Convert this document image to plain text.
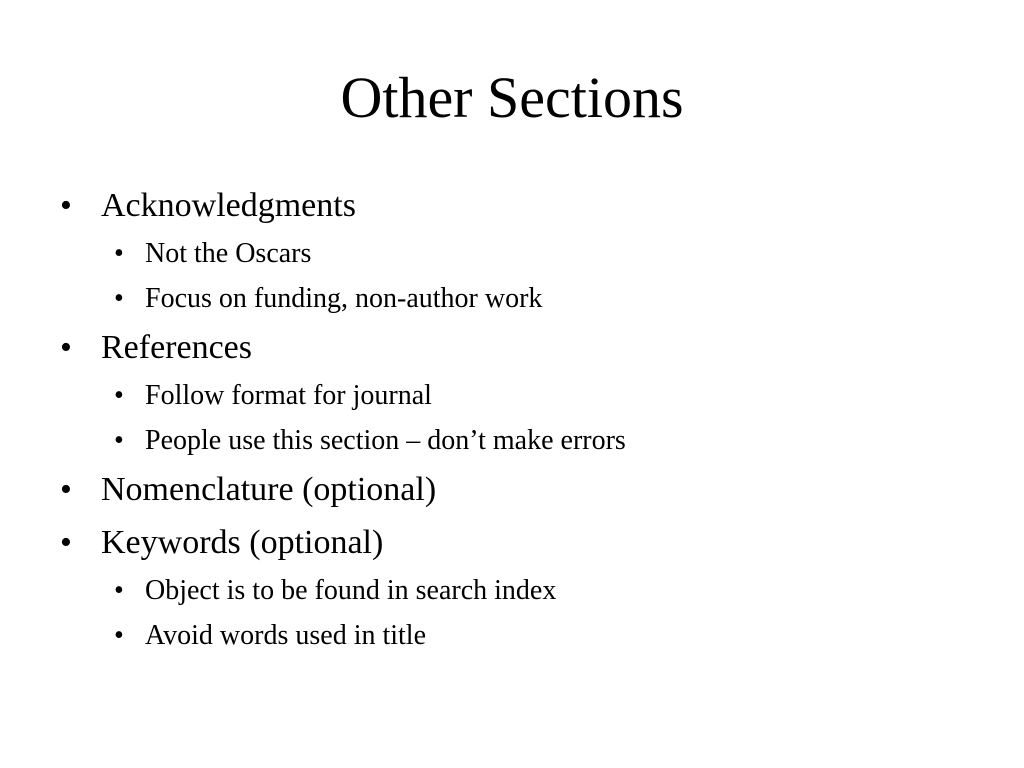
Other Sections
• Acknowledgments
• Not the Oscars
• Focus on funding, non-author work
• References
• Follow format for journal
• People use this section – don’t make errors
• Nomenclature (optional)
• Keywords (optional)
• Object is to be found in search index
• Avoid words used in title
